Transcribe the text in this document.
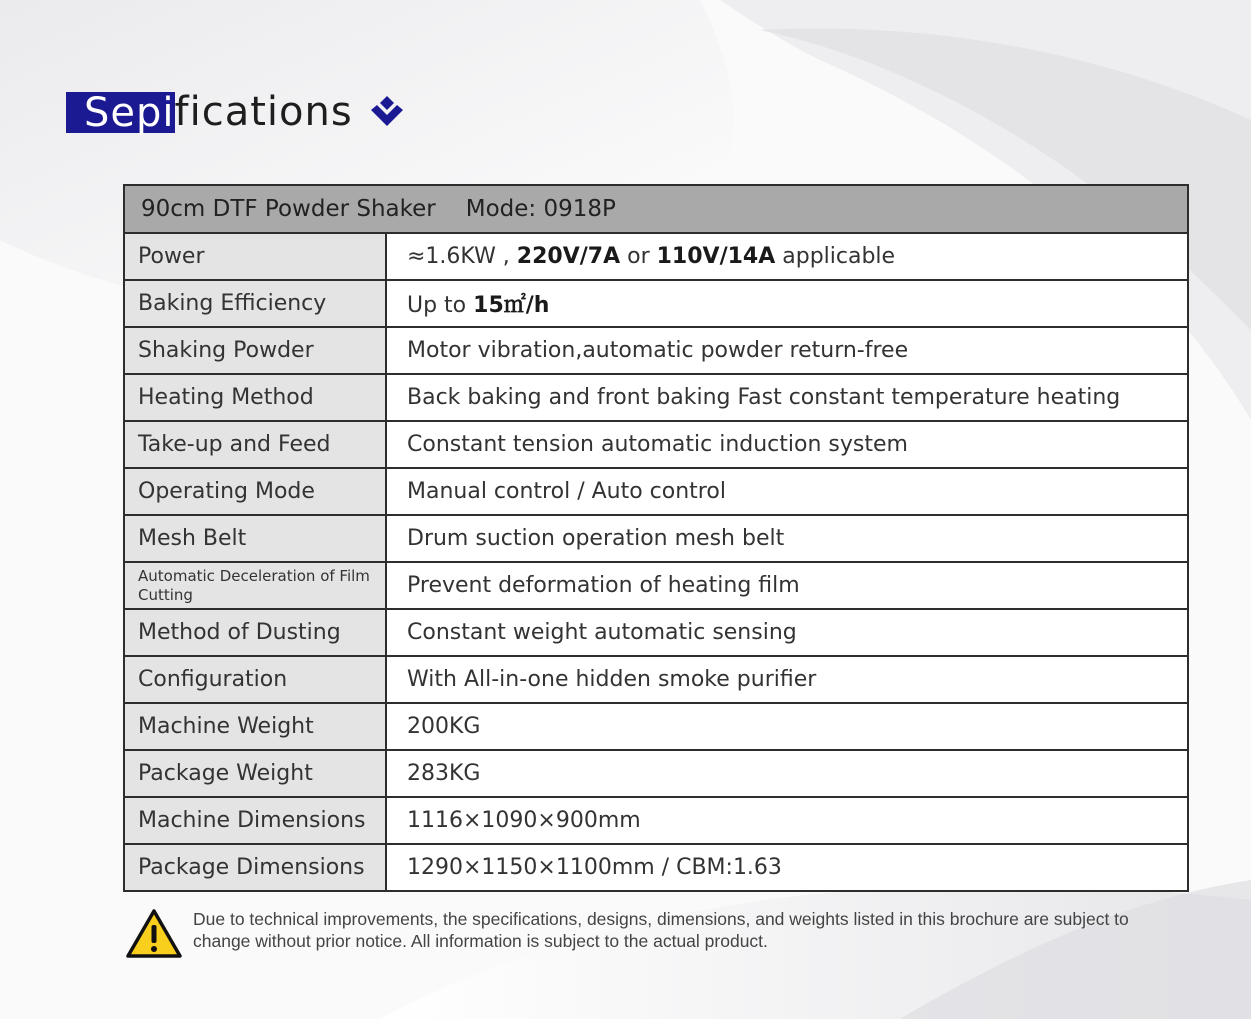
Sepi fications
90cm DTF Powder Shaker Mode: 0918P	
Power	≈1.6KW , 220V/7A or 110V/14A applicable
Baking Efficiency	Up to 15㎡/h
Shaking Powder	Motor vibration,automatic powder return-free
Heating Method	Back baking and front baking Fast constant temperature heating
Take-up and Feed	Constant tension automatic induction system
Operating Mode	Manual control / Auto control
Mesh Belt	Drum suction operation mesh belt
Automatic Deceleration of Film Cutting	Prevent deformation of heating film
Method of Dusting	Constant weight automatic sensing
Configuration	With All-in-one hidden smoke purifier
Machine Weight	200KG
Package Weight	283KG
Machine Dimensions	1116×1090×900mm
Package Dimensions	1290×1150×1100mm / CBM:1.63
Due to technical improvements, the specifications, designs, dimensions, and weights listed in this brochure are subject to change without prior notice. All information is subject to the actual product.
